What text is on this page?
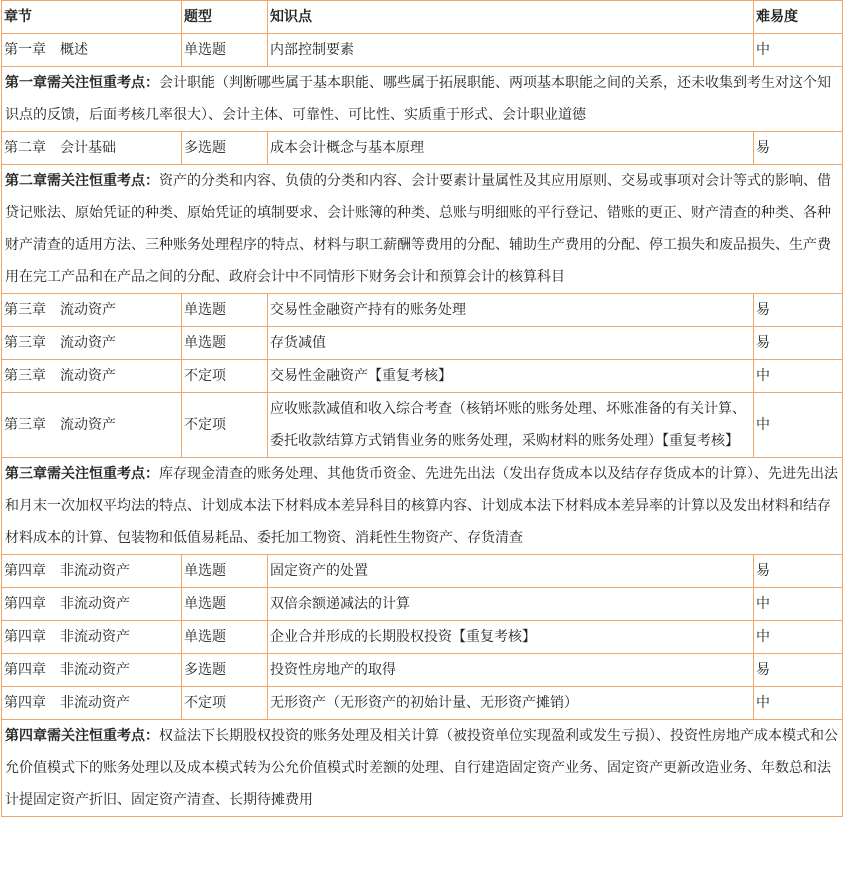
章节	题型	知识点	难易度
第一章　概述	单选题	内部控制要素	中
第一章需关注恒重考点：会计职能（判断哪些属于基本职能、哪些属于拓展职能、两项基本职能之间的关系，还未收集到考生对这个知识点的反馈，后面考核几率很大）、会计主体、可靠性、可比性、实质重于形式、会计职业道德			
第二章　会计基础	多选题	成本会计概念与基本原理	易
第二章需关注恒重考点：资产的分类和内容、负债的分类和内容、会计要素计量属性及其应用原则、交易或事项对会计等式的影响、借贷记账法、原始凭证的种类、原始凭证的填制要求、会计账簿的种类、总账与明细账的平行登记、错账的更正、财产清查的种类、各种财产清查的适用方法、三种账务处理程序的特点、材料与职工薪酬等费用的分配、辅助生产费用的分配、停工损失和废品损失、生产费用在完工产品和在产品之间的分配、政府会计中不同情形下财务会计和预算会计的核算科目			
第三章　流动资产	单选题	交易性金融资产持有的账务处理	易
第三章　流动资产	单选题	存货减值	易
第三章　流动资产	不定项	交易性金融资产【重复考核】	中
第三章　流动资产	不定项	应收账款减值和收入综合考查（核销坏账的账务处理、坏账准备的有关计算、委托收款结算方式销售业务的账务处理，采购材料的账务处理）【重复考核】	中
第三章需关注恒重考点：库存现金清查的账务处理、其他货币资金、先进先出法（发出存货成本以及结存存货成本的计算）、先进先出法和月末一次加权平均法的特点、计划成本法下材料成本差异科目的核算内容、计划成本法下材料成本差异率的计算以及发出材料和结存材料成本的计算、包装物和低值易耗品、委托加工物资、消耗性生物资产、存货清查			
第四章　非流动资产	单选题	固定资产的处置	易
第四章　非流动资产	单选题	双倍余额递减法的计算	中
第四章　非流动资产	单选题	企业合并形成的长期股权投资【重复考核】	中
第四章　非流动资产	多选题	投资性房地产的取得	易
第四章　非流动资产	不定项	无形资产（无形资产的初始计量、无形资产摊销）	中
第四章需关注恒重考点：权益法下长期股权投资的账务处理及相关计算（被投资单位实现盈利或发生亏损）、投资性房地产成本模式和公允价值模式下的账务处理以及成本模式转为公允价值模式时差额的处理、自行建造固定资产业务、固定资产更新改造业务、年数总和法计提固定资产折旧、固定资产清查、长期待摊费用			
